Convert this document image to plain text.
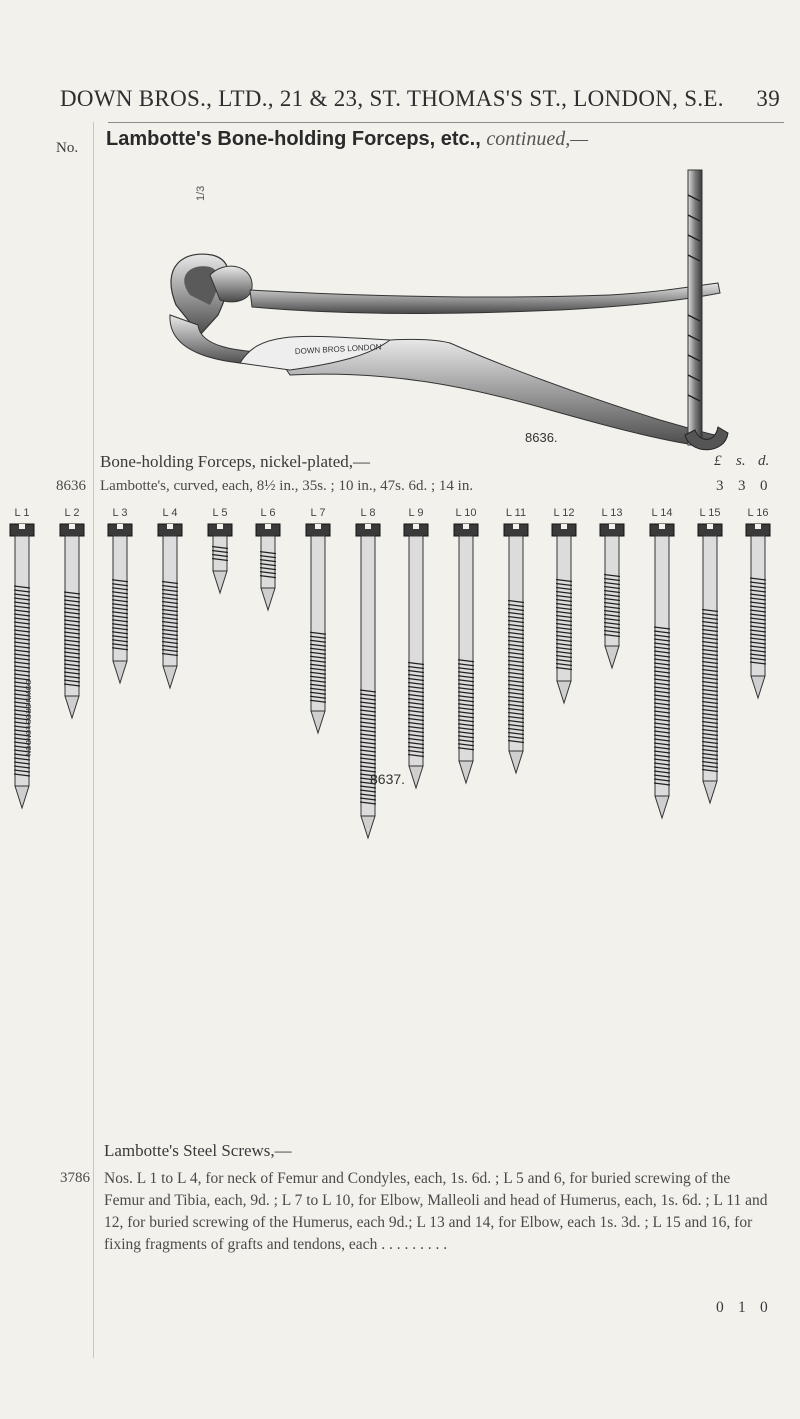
DOWN BROS., LTD., 21 & 23, ST. THOMAS'S ST., LONDON, S.E. 39
No. Lambotte's Bone-holding Forceps, etc., continued,—
1/3
DOWN BROS LONDON
8636.
Bone-holding Forceps, nickel-plated,—
8636 Lambotte's, curved, each, 8½ in., 35s. ; 10 in., 47s. 6d. ; 14 in.
£ s. d.
3 3 0
L 1	L 2	L 3	L 4	L 5	L 6	L 7	L 8	L 9	L 10	L 11 L 12 L 13	L 14 L 15 L 16
DOWN BROS LONDON
8637.
Lambotte's Steel Screws,—
3786 Nos. L 1 to L 4, for neck of Femur and Condyles, each, 1s. 6d. ; L 5 and 6, for buried screwing of the Femur and Tibia, each, 9d. ; L 7 to L 10, for Elbow, Malleoli and head of Humerus, each, 1s. 6d. ; L 11 and 12, for buried screwing of the Humerus, each 9d.; L 13 and 14, for Elbow, each 1s. 3d. ; L 15 and 16, for fixing fragments of grafts and tendons, each . . . . . . . . .
0 1 0
